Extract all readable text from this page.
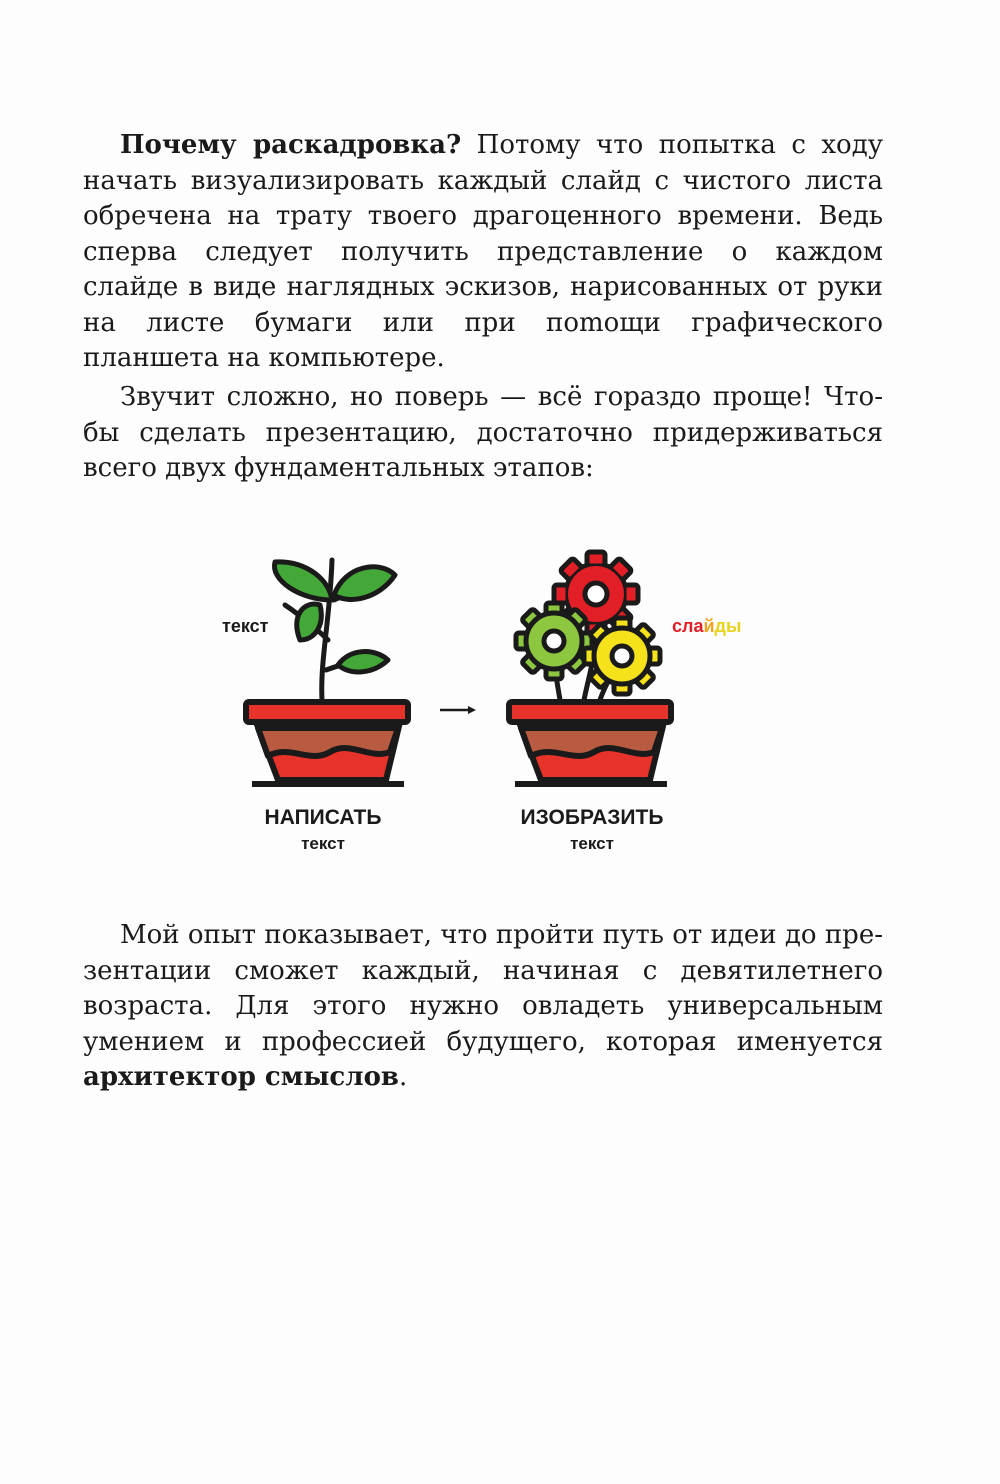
Почему раскадровка? Потому что попытка с ходу начать визуализировать каждый слайд с чистого листа обречена на трату твоего драгоценного времени. Ведь сперва следует получить представление о каждом слайде в виде наглядных эскизов, нарисованных от руки на листе бумаги или при поmощи графического планшета на компьютере.

Звучит сложно, но поверь — всё гораздо проще! Чтобы сделать презентацию, достаточно придерживаться всего двух фундаментальных этапов:

текст	слайды
НАПИСАТЬ
текст
ИЗОБРАЗИТЬ
текст

Мой опыт показывает, что пройти путь от идеи до презентации сможет каждый, начиная с девятилетнего возраста. Для этого нужно овладеть универсальным умением и профессией будущего, которая именуется архитектор смыслов.
